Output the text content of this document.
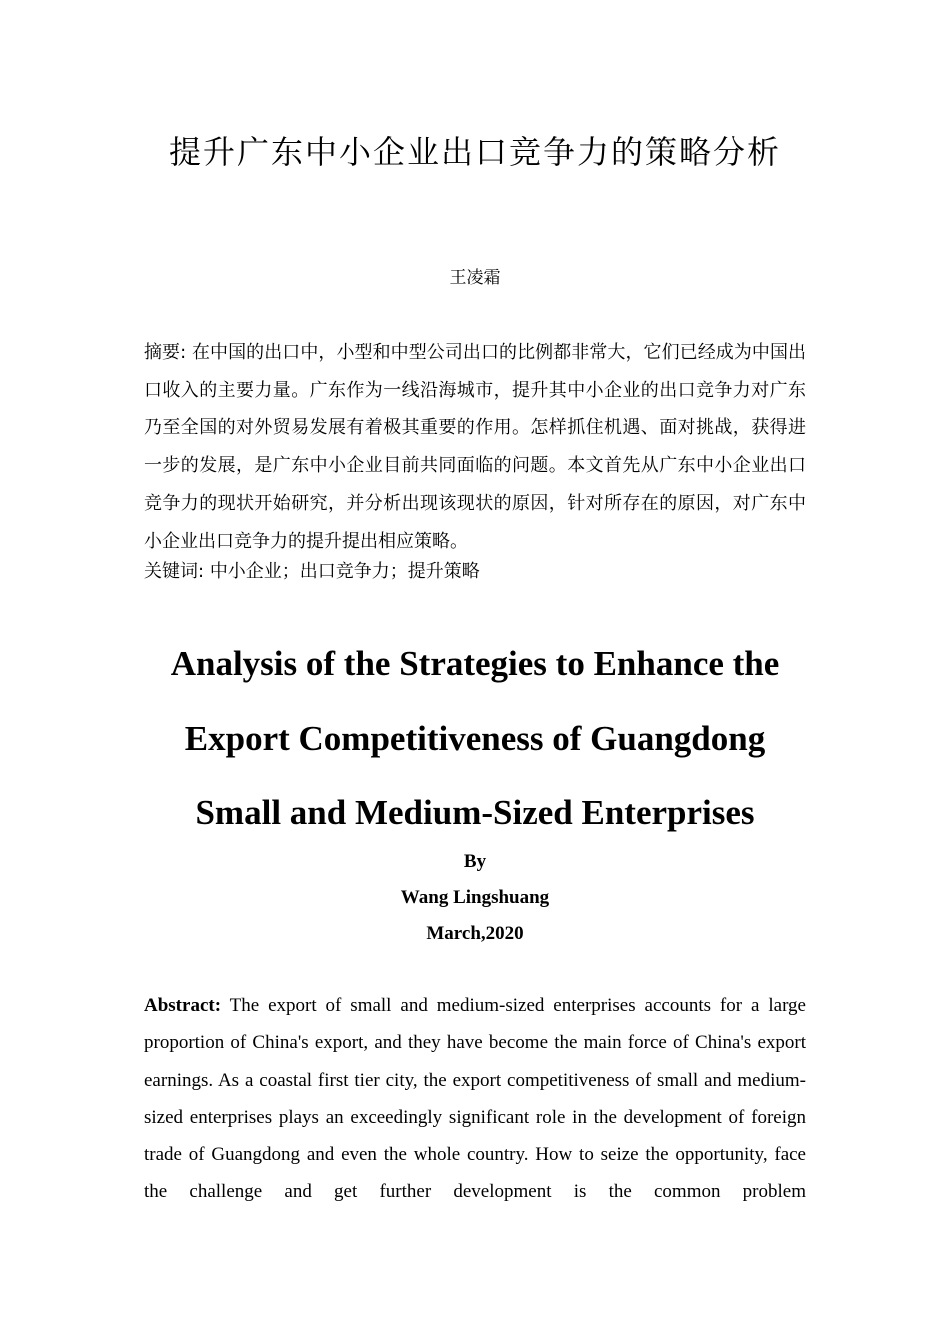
提升广东中小企业出口竞争力的策略分析
王凌霜
摘要: 在中国的出口中，小型和中型公司出口的比例都非常大，它们已经成为中国出口收入的主要力量。广东作为一线沿海城市，提升其中小企业的出口竞争力对广东乃至全国的对外贸易发展有着极其重要的作用。怎样抓住机遇、面对挑战，获得进一步的发展，是广东中小企业目前共同面临的问题。本文首先从广东中小企业出口竞争力的现状开始研究，并分析出现该现状的原因，针对所存在的原因，对广东中小企业出口竞争力的提升提出相应策略。
关键词: 中小企业；出口竞争力；提升策略
Analysis of the Strategies to Enhance the
Export Competitiveness of Guangdong
Small and Medium-Sized Enterprises
By
Wang Lingshuang
March,2020
Abstract: The export of small and medium-sized enterprises accounts for a large proportion of China's export, and they have become the main force of China's export earnings. As a coastal first tier city, the export competitiveness of small and medium-sized enterprises plays an exceedingly significant role in the development of foreign trade of Guangdong and even the whole country. How to seize the opportunity, face the challenge and get further development is the common problem
